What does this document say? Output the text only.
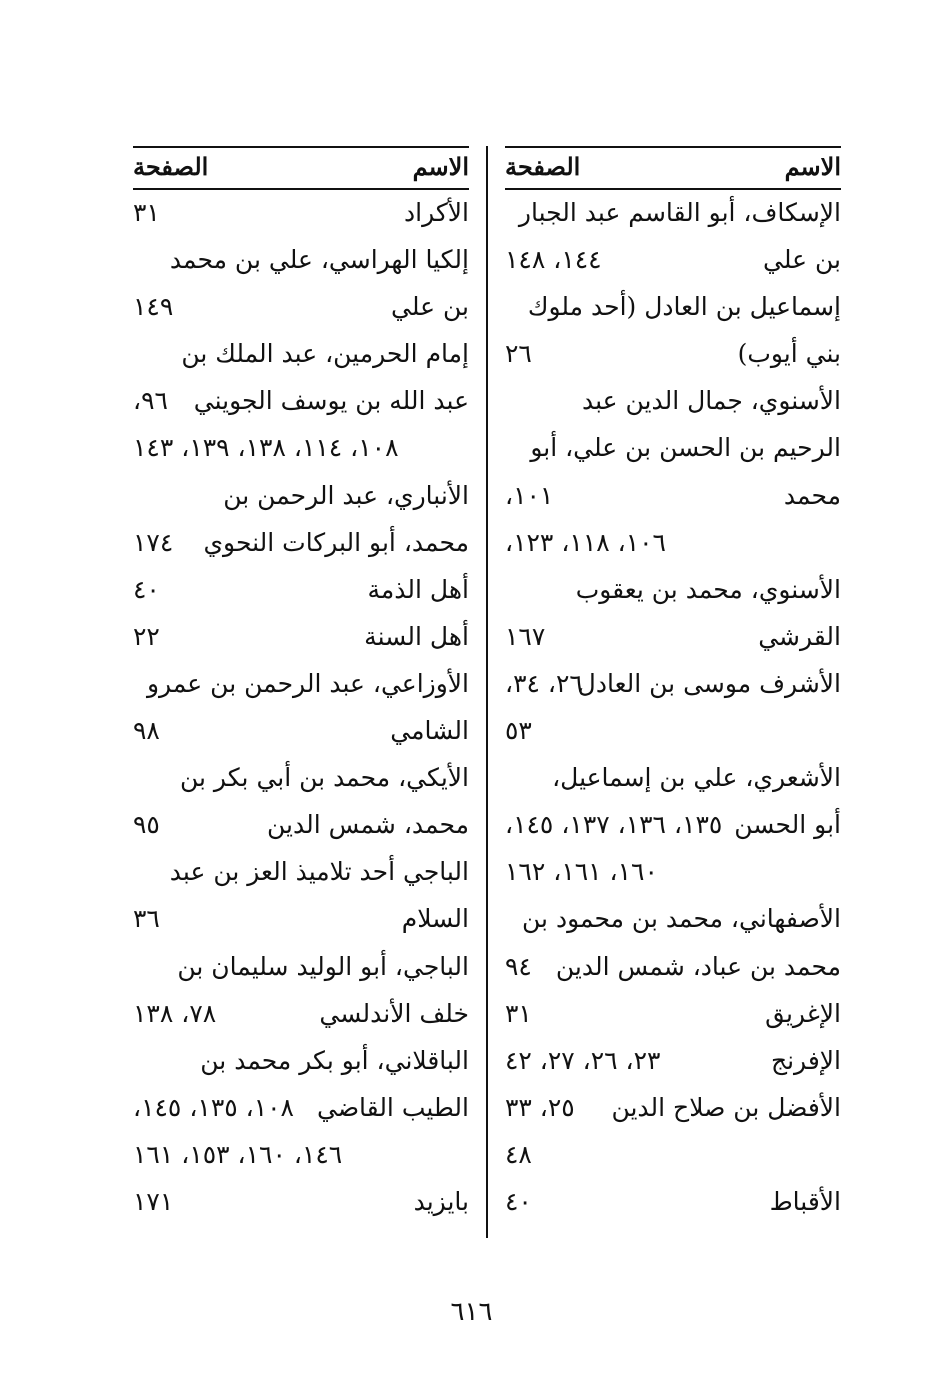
الاسم
الصفحة
الإسكاف، أبو القاسم عبد الجبار
بن علي
١٤٤، ١٤٨
إسماعيل بن العادل (أحد ملوك
بني أيوب)
٢٦
الأسنوي، جمال الدين عبد
الرحيم بن الحسن بن علي، أبو
محمد
١٠١،
١٠٦، ١١٨، ١٢٣،
الأسنوي، محمد بن يعقوب
القرشي
١٦٧
الأشرف موسى بن العادل
٢٦، ٣٤،
٥٣
الأشعري، علي بن إسماعيل،
أبو الحسن
١٣٥، ١٣٦، ١٣٧، ١٤٥،
١٦٠، ١٦١، ١٦٢
الأصفهاني، محمد بن محمود بن
محمد بن عباد، شمس الدين
٩٤
الإغريق
٣١
الإفرنج
٢٣، ٢٦، ٢٧، ٤٢
الأفضل بن صلاح الدين
٢٥، ٣٣
٤٨
الأقباط
٤٠
الاسم
الصفحة
الأكراد
٣١
إلكيا الهراسي، علي بن محمد
بن علي
١٤٩
إمام الحرمين، عبد الملك بن
عبد الله بن يوسف الجويني
٩٦،
١٠٨، ١١٤، ١٣٨، ١٣٩، ١٤٣
الأنباري، عبد الرحمن بن
محمد، أبو البركات النحوي
١٧٤
أهل الذمة
٤٠
أهل السنة
٢٢
الأوزاعي، عبد الرحمن بن عمرو
الشامي
٩٨
الأيكي، محمد بن أبي بكر بن
محمد، شمس الدين
٩٥
الباجي أحد تلاميذ العز بن عبد
السلام
٣٦
الباجي، أبو الوليد سليمان بن
خلف الأندلسي
٧٨، ١٣٨
الباقلاني، أبو بكر محمد بن
الطيب القاضي
١٠٨، ١٣٥، ١٤٥،
١٤٦، ١٦٠، ١٥٣، ١٦١
بايزيد
١٧١
٦١٦
